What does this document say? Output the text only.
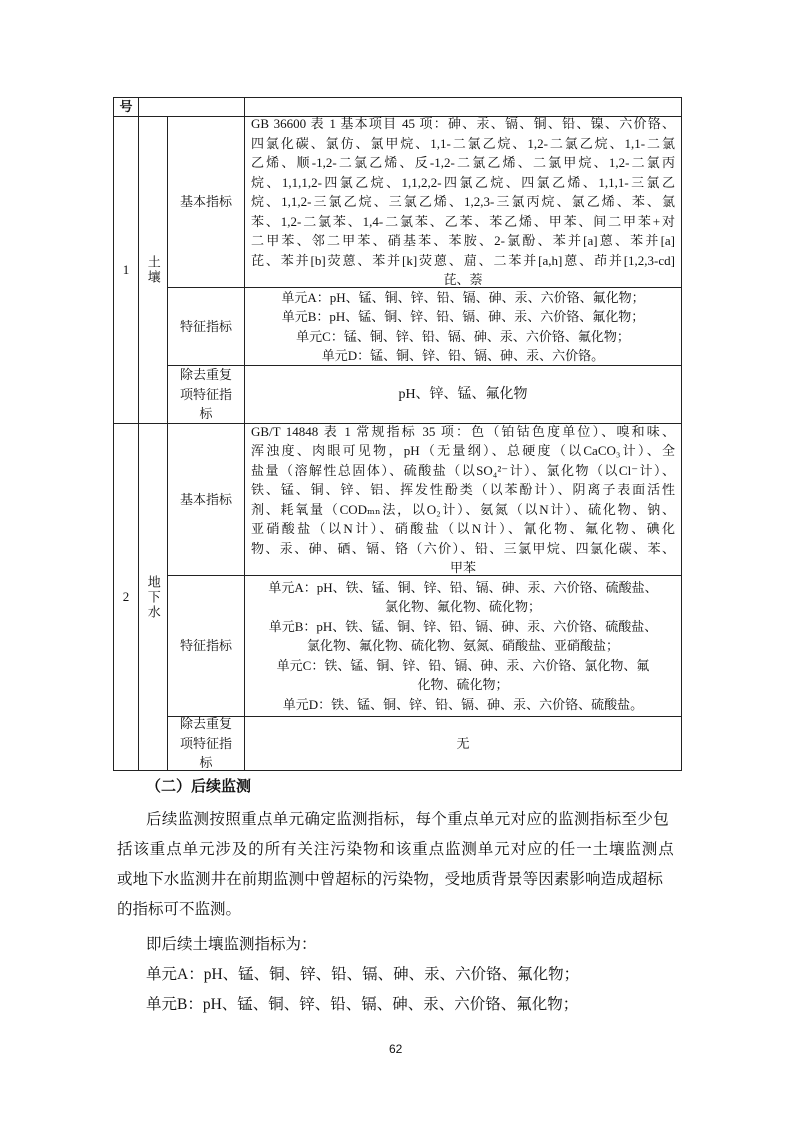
号
1 土壤
基本指标
GB 36600 表 1 基本项目 45 项：砷、汞、镉、铜、铅、镍、六价铬、
四氯化碳、氯仿、氯甲烷、1,1-二氯乙烷、1,2-二氯乙烷、1,1-二氯
乙烯、顺-1,2-二氯乙烯、反-1,2-二氯乙烯、二氯甲烷、1,2-二氯丙
烷、1,1,1,2-四氯乙烷、1,1,2,2-四氯乙烷、四氯乙烯、1,1,1-三氯乙
烷、1,1,2-三氯乙烷、三氯乙烯、1,2,3-三氯丙烷、氯乙烯、苯、氯
苯、1,2-二氯苯、1,4-二氯苯、乙苯、苯乙烯、甲苯、间二甲苯+对
二甲苯、邻二甲苯、硝基苯、苯胺、2-氯酚、苯并[a]蒽、苯并[a]
芘、苯并[b]荧蒽、苯并[k]荧蒽、䓛、二苯并[a,h]蒽、茚并[1,2,3-cd]
芘、萘
特征指标
单元A：pH、锰、铜、锌、铅、镉、砷、汞、六价铬、氟化物；
单元B：pH、锰、铜、锌、铅、镉、砷、汞、六价铬、氟化物；
单元C：锰、铜、锌、铅、镉、砷、汞、六价铬、氟化物；
单元D：锰、铜、锌、铅、镉、砷、汞、六价铬。
除去重复
项特征指
标
pH、锌、锰、氟化物
2 地下水
基本指标
GB/T 14848 表 1 常规指标 35 项：色（铂钴色度单位）、嗅和味、
浑浊度、肉眼可见物，pH（无量纲）、总硬度（以CaCO₃计）、全
盐量（溶解性总固体）、硫酸盐（以SO₄²⁻计）、氯化物（以Cl⁻计）、
铁、锰、铜、锌、铝、挥发性酚类（以苯酚计）、阴离子表面活性
剂、耗氧量（CODₘₙ法，以O₂计）、氨氮（以N计）、硫化物、钠、
亚硝酸盐（以N计）、硝酸盐（以N计）、氰化物、氟化物、碘化
物、汞、砷、硒、镉、铬（六价）、铅、三氯甲烷、四氯化碳、苯、
甲苯
特征指标
单元A：pH、铁、锰、铜、锌、铅、镉、砷、汞、六价铬、硫酸盐、
氯化物、氟化物、硫化物；
单元B：pH、铁、锰、铜、锌、铅、镉、砷、汞、六价铬、硫酸盐、
氯化物、氟化物、硫化物、氨氮、硝酸盐、亚硝酸盐；
单元C：铁、锰、铜、锌、铅、镉、砷、汞、六价铬、氯化物、氟
化物、硫化物；
单元D：铁、锰、铜、锌、铅、镉、砷、汞、六价铬、硫酸盐。
除去重复
项特征指
标
无
（二）后续监测
后续监测按照重点单元确定监测指标，每个重点单元对应的监测指标至少包
括该重点单元涉及的所有关注污染物和该重点监测单元对应的任一土壤监测点
或地下水监测井在前期监测中曾超标的污染物，受地质背景等因素影响造成超标
的指标可不监测。
即后续土壤监测指标为：
单元A：pH、锰、铜、锌、铅、镉、砷、汞、六价铬、氟化物；
单元B：pH、锰、铜、锌、铅、镉、砷、汞、六价铬、氟化物；
62
